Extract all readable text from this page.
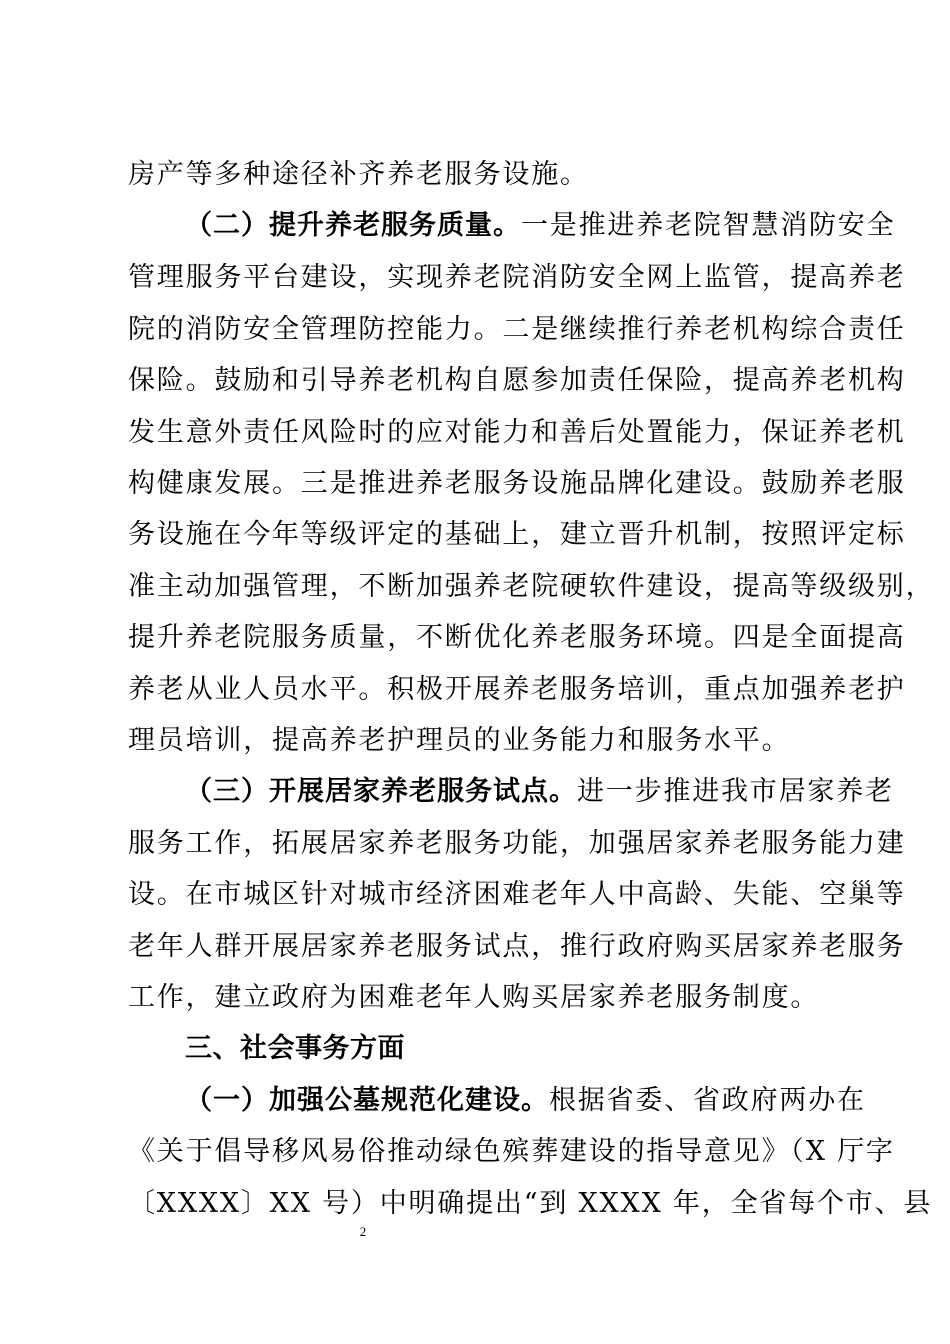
房产等多种途径补齐养老服务设施。
（二）提升养老服务质量。一是推进养老院智慧消防安全
管理服务平台建设，实现养老院消防安全网上监管，提高养老
院的消防安全管理防控能力。二是继续推行养老机构综合责任
保险。鼓励和引导养老机构自愿参加责任保险，提高养老机构
发生意外责任风险时的应对能力和善后处置能力，保证养老机
构健康发展。三是推进养老服务设施品牌化建设。鼓励养老服
务设施在今年等级评定的基础上，建立晋升机制，按照评定标
准主动加强管理，不断加强养老院硬软件建设，提高等级级别，
提升养老院服务质量，不断优化养老服务环境。四是全面提高
养老从业人员水平。积极开展养老服务培训，重点加强养老护
理员培训，提高养老护理员的业务能力和服务水平。
（三）开展居家养老服务试点。进一步推进我市居家养老
服务工作，拓展居家养老服务功能，加强居家养老服务能力建
设。在市城区针对城市经济困难老年人中高龄、失能、空巢等
老年人群开展居家养老服务试点，推行政府购买居家养老服务
工作，建立政府为困难老年人购买居家养老服务制度。
三、社会事务方面
（一）加强公墓规范化建设。根据省委、省政府两办在
《关于倡导移风易俗推动绿色殡葬建设的指导意见》（X 厅字
〔XXXX〕XX 号）中明确提出“到 XXXX 年，全省每个市、县
2
